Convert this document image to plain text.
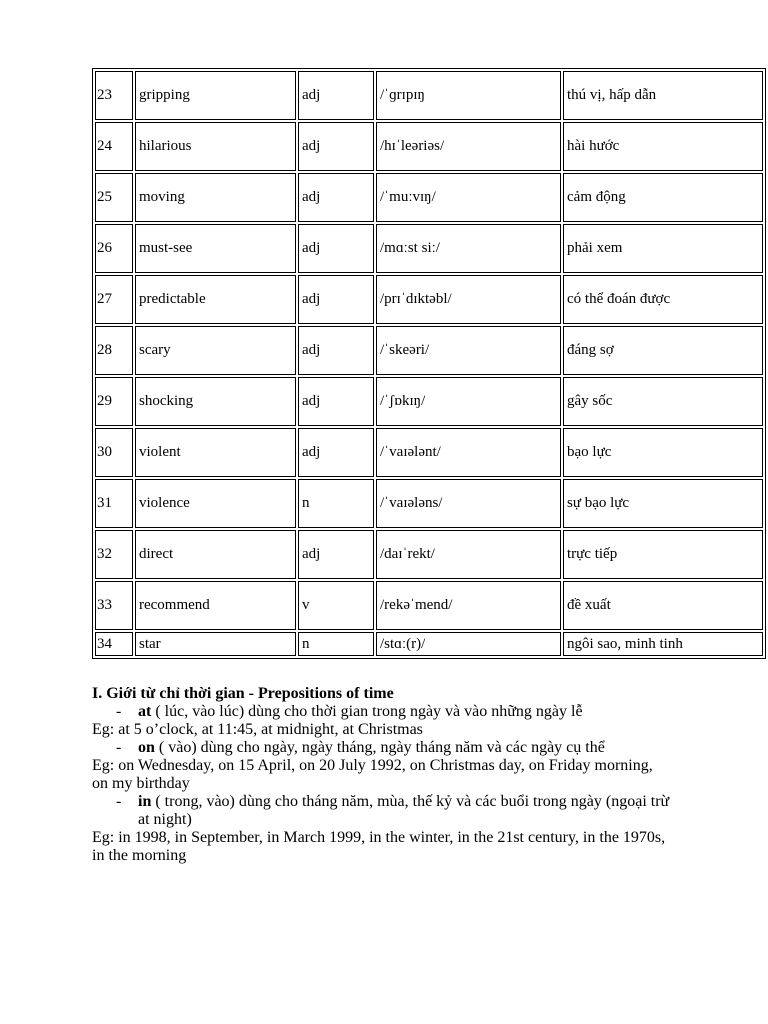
23	gripping	adj	/ˈɡrɪpɪŋ	thú vị, hấp dẫn
24	hilarious	adj	/hɪˈleəriəs/	hài hước
25	moving	adj	/ˈmuːvɪŋ/	cảm động
26	must-see	adj	/mɑːst siː/	phải xem
27	predictable	adj	/prɪˈdɪktəbl/	có thể đoán được
28	scary	adj	/ˈskeəri/	đáng sợ
29	shocking	adj	/ˈʃɒkɪŋ/	gây sốc
30	violent	adj	/ˈvaɪələnt/	bạo lực
31	violence	n	/ˈvaɪələns/	sự bạo lực
32	direct	adj	/daɪˈrekt/	trực tiếp
33	recommend	v	/rekəˈmend/	đề xuất
34	star	n	/stɑː(r)/	ngôi sao, minh tinh
I. Giới từ chỉ thời gian - Prepositions of time
- at ( lúc, vào lúc) dùng cho thời gian trong ngày và vào những ngày lễ
Eg: at 5 o’clock, at 11:45, at midnight, at Christmas
- on ( vào) dùng cho ngày, ngày tháng, ngày tháng năm và các ngày cụ thể
Eg: on Wednesday, on 15 April, on 20 July 1992, on Christmas day, on Friday morning,
on my birthday
- in ( trong, vào) dùng cho tháng năm, mùa, thế kỷ và các buổi trong ngày (ngoại trừ
at night)
Eg: in 1998, in September, in March 1999, in the winter, in the 21st century, in the 1970s,
in the morning
